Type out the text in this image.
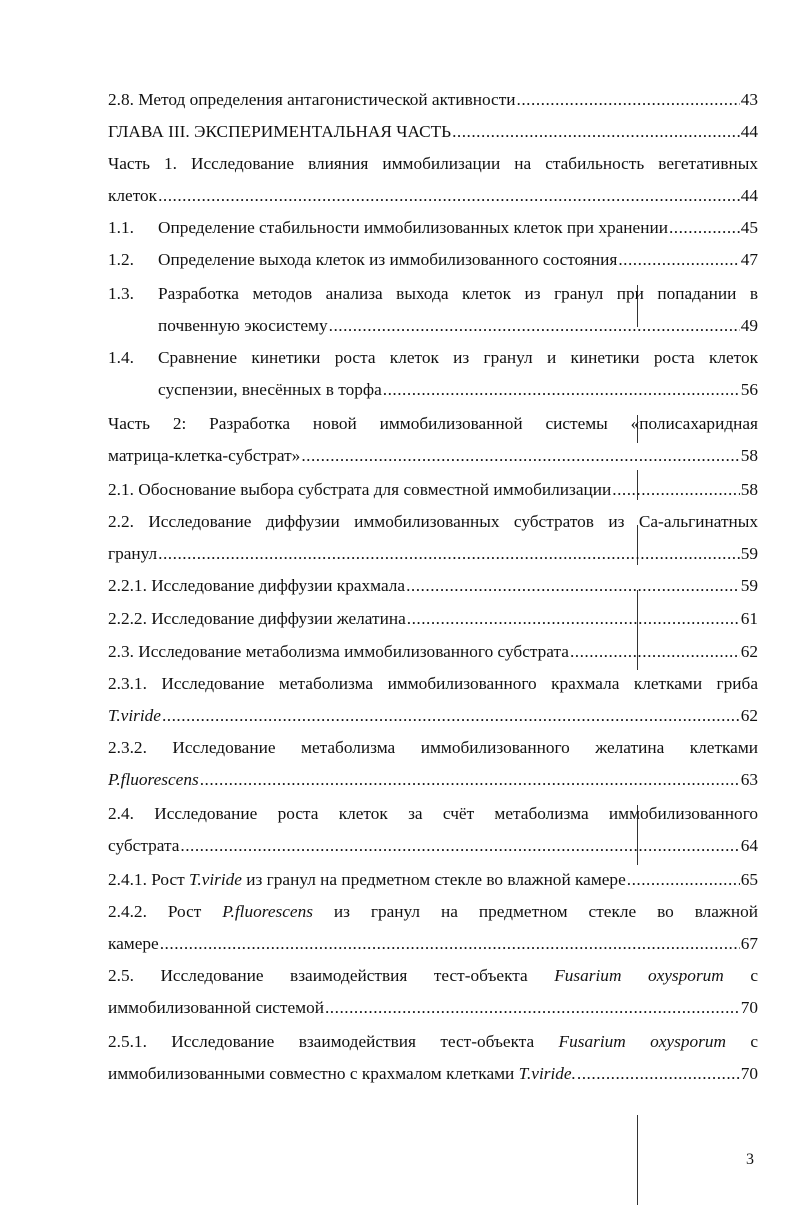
2.8. Метод определения антагонистической активности .....	43
ГЛАВА III. ЭКСПЕРИМЕНТАЛЬНАЯ ЧАСТЬ .....	44
Часть 1. Исследование влияния иммобилизации на стабильность вегетативных
клеток .....	44
1.1.	Определение стабильности иммобилизованных клеток при хранении .....	45
1.2.	Определение выхода клеток из иммобилизованного состояния .....	47
1.3.	Разработка методов анализа выхода клеток из гранул при попадании в
почвенную экосистему .....	49
1.4.	Сравнение кинетики роста клеток из гранул и кинетики роста клеток
суспензии, внесённых в торфа .....	56
Часть 2: Разработка новой иммобилизованной системы «полисахаридная
матрица-клетка-субстрат» .....	58
2.1. Обоснование выбора субстрата для совместной иммобилизации .....	58
2.2. Исследование диффузии иммобилизованных субстратов из Са-альгинатных
гранул .....	59
2.2.1. Исследование диффузии крахмала .....	59
2.2.2. Исследование диффузии желатина .....	61
2.3. Исследование метаболизма иммобилизованного субстрата .....	62
2.3.1. Исследование метаболизма иммобилизованного крахмала клетками гриба
T.viride .....	62
2.3.2. Исследование метаболизма иммобилизованного желатина клетками
P.fluorescens .....	63
2.4. Исследование роста клеток за счёт метаболизма иммобилизованного
субстрата .....	64
2.4.1. Рост T.viride из гранул на предметном стекле во влажной камере .....	65
2.4.2. Рост P.fluorescens из гранул на предметном стекле во влажной
камере .....	67
2.5. Исследование взаимодействия тест-объекта Fusarium oxysporum с
иммобилизованной системой .....	70
2.5.1. Исследование взаимодействия тест-объекта Fusarium oxysporum с
иммобилизованными совместно с крахмалом клетками T.viride. .....	70
3
